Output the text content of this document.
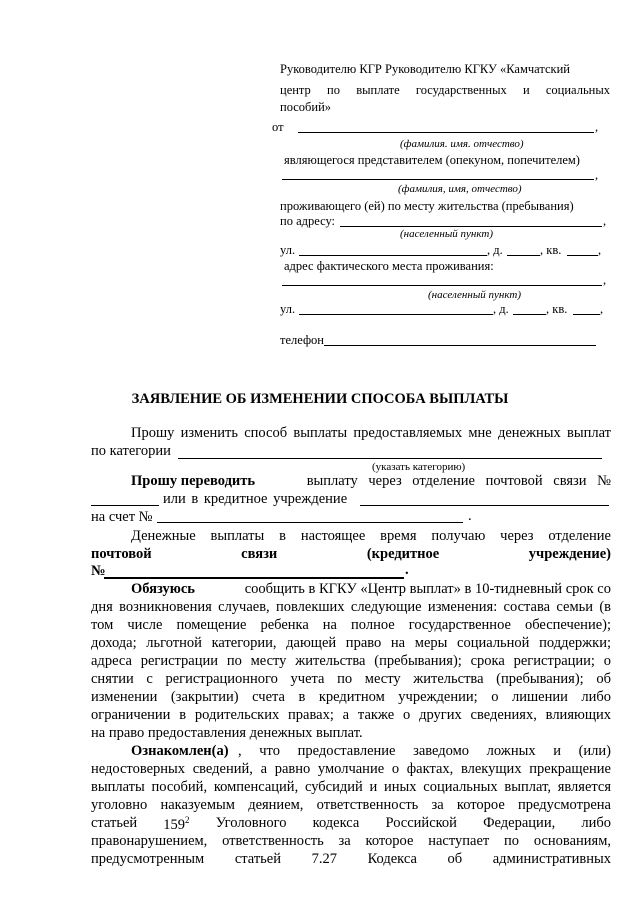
Руководителю КГР Руководителю КГКУ «Камчатский
центр по выплате государственных и социальных
пособий»
от	,
(фамилия. имя. отчество)
являющегося представителем (опекуном, попечителем)
,
(фамилия, имя, отчество)
проживающего (ей) по месту жительства (пребывания)
по адресу:	,
(населенный пункт)
ул.	, д.	, кв.	,
адрес фактического места проживания:
,
(населенный пункт)
ул.	, д.	, кв.	,
телефон
ЗАЯВЛЕНИЕ ОБ ИЗМЕНЕНИИ СПОСОБА ВЫПЛАТЫ
Прошу изменить способ выплаты предоставляемых мне денежных выплат
по категории
(указать категорию)
Прошу переводить	выплату через отделение почтовой связи №
или в кредитное учреждение
на счет №	.
Денежные выплаты в настоящее время получаю через отделение
почтовой	связи	(кредитное	учреждение)
№	.
Обязуюсь	сообщить в КГКУ «Центр выплат» в 10-тидневный срок со
дня возникновения случаев, повлекших следующие изменения: состава семьи (в
том числе помещение ребенка на полное государственное обеспечение);
дохода; льготной категории, дающей право на меры социальной поддержки;
адреса регистрации по месту жительства (пребывания); срока регистрации; о
снятии с регистрационного учета по месту жительства (пребывания); об
изменении (закрытии) счета в кредитном учреждении; о лишении либо
ограничении в родительских правах; а также о других сведениях, влияющих
на право предоставления денежных выплат.
Ознакомлен(а) , что предоставление заведомо ложных и (или)
недостоверных сведений, а равно умолчание о фактах, влекущих прекращение
выплаты пособий, компенсаций, субсидий и иных социальных выплат, является
уголовно наказуемым деянием, ответственность за которое предусмотрена
статьей $159^2$ Уголовного кодекса Российской Федерации, либо
правонарушением, ответственность за которое наступает по основаниям,
предусмотренным статьей 7.27 Кодекса об административных
